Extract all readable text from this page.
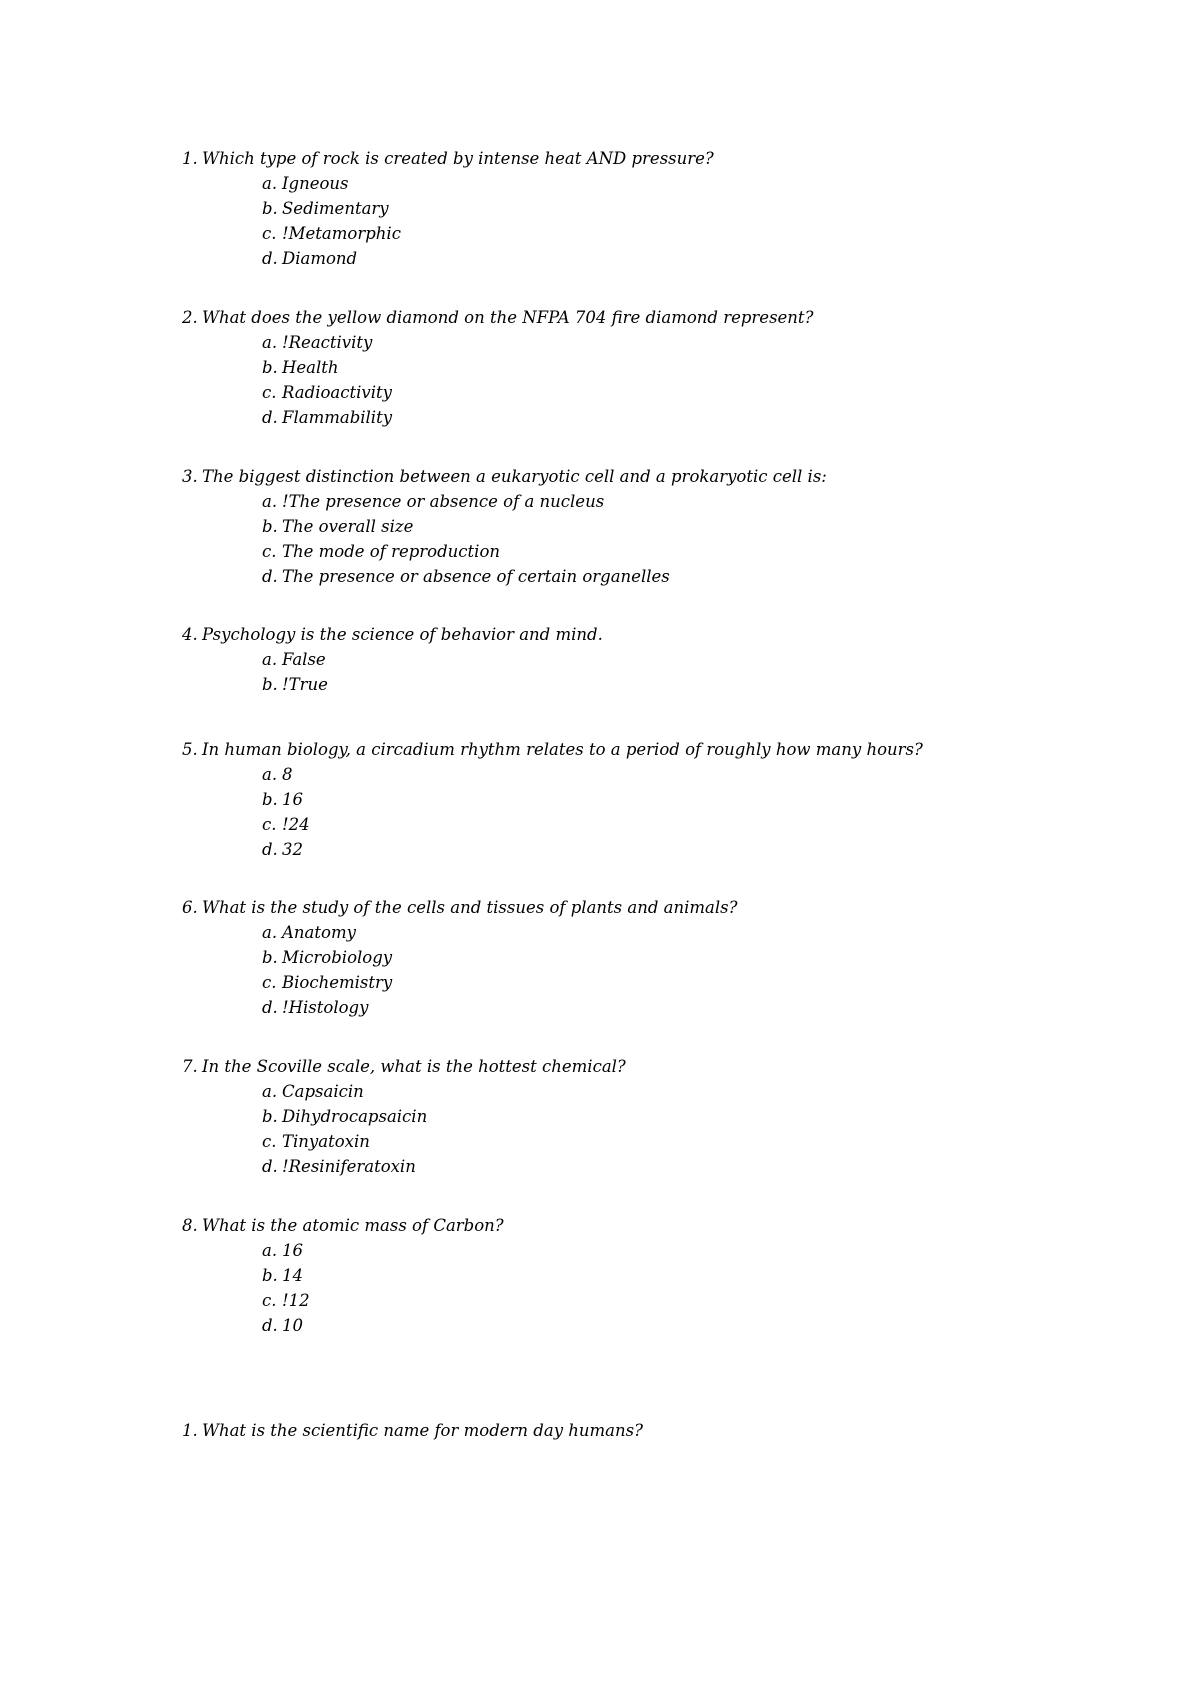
1. Which type of rock is created by intense heat AND pressure?
a. Igneous
b. Sedimentary
c. !Metamorphic
d. Diamond
2. What does the yellow diamond on the NFPA 704 fire diamond represent?
a. !Reactivity
b. Health
c. Radioactivity
d. Flammability
3. The biggest distinction between a eukaryotic cell and a prokaryotic cell is:
a. !The presence or absence of a nucleus
b. The overall size
c. The mode of reproduction
d. The presence or absence of certain organelles
4. Psychology is the science of behavior and mind.
a. False
b. !True
5. In human biology, a circadium rhythm relates to a period of roughly how many hours?
a. 8
b. 16
c. !24
d. 32
6. What is the study of the cells and tissues of plants and animals?
a. Anatomy
b. Microbiology
c. Biochemistry
d. !Histology
7. In the Scoville scale, what is the hottest chemical?
a. Capsaicin
b. Dihydrocapsaicin
c. Tinyatoxin
d. !Resiniferatoxin
8. What is the atomic mass of Carbon?
a. 16
b. 14
c. !12
d. 10
1. What is the scientific name for modern day humans?
